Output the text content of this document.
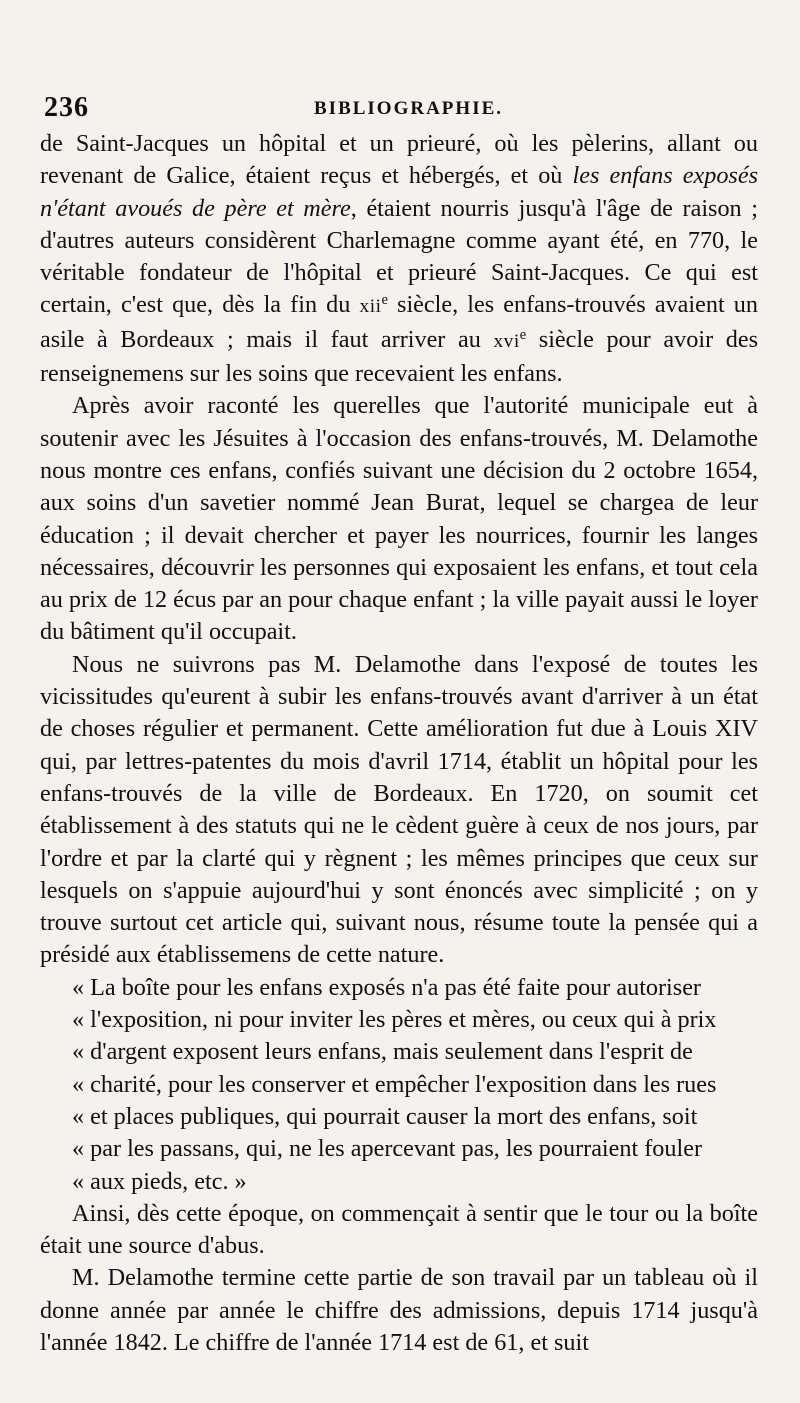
236	BIBLIOGRAPHIE.

de Saint-Jacques un hôpital et un prieuré, où les pèlerins, allant ou revenant de Galice, étaient reçus et hébergés, et où les enfans exposés n'étant avoués de père et mère, étaient nourris jusqu'à l'âge de raison ; d'autres auteurs considèrent Charlemagne comme ayant été, en 770, le véritable fondateur de l'hôpital et prieuré Saint-Jacques. Ce qui est certain, c'est que, dès la fin du xii$^e$ siècle, les enfans-trouvés avaient un asile à Bordeaux ; mais il faut arriver au xvi$^e$ siècle pour avoir des renseignemens sur les soins que recevaient les enfans.

Après avoir raconté les querelles que l'autorité municipale eut à soutenir avec les Jésuites à l'occasion des enfans-trouvés, M. Delamothe nous montre ces enfans, confiés suivant une décision du 2 octobre 1654, aux soins d'un savetier nommé Jean Burat, lequel se chargea de leur éducation ; il devait chercher et payer les nourrices, fournir les langes nécessaires, découvrir les personnes qui exposaient les enfans, et tout cela au prix de 12 écus par an pour chaque enfant ; la ville payait aussi le loyer du bâtiment qu'il occupait.

Nous ne suivrons pas M. Delamothe dans l'exposé de toutes les vicissitudes qu'eurent à subir les enfans-trouvés avant d'arriver à un état de choses régulier et permanent. Cette amélioration fut due à Louis XIV qui, par lettres-patentes du mois d'avril 1714, établit un hôpital pour les enfans-trouvés de la ville de Bordeaux. En 1720, on soumit cet établissement à des statuts qui ne le cèdent guère à ceux de nos jours, par l'ordre et par la clarté qui y règnent ; les mêmes principes que ceux sur lesquels on s'appuie aujourd'hui y sont énoncés avec simplicité ; on y trouve surtout cet article qui, suivant nous, résume toute la pensée qui a présidé aux établissemens de cette nature.

« La boîte pour les enfans exposés n'a pas été faite pour autoriser
« l'exposition, ni pour inviter les pères et mères, ou ceux qui à prix
« d'argent exposent leurs enfans, mais seulement dans l'esprit de
« charité, pour les conserver et empêcher l'exposition dans les rues
« et places publiques, qui pourrait causer la mort des enfans, soit
« par les passans, qui, ne les apercevant pas, les pourraient fouler
« aux pieds, etc. »

Ainsi, dès cette époque, on commençait à sentir que le tour ou la boîte était une source d'abus.

M. Delamothe termine cette partie de son travail par un tableau où il donne année par année le chiffre des admissions, depuis 1714 jusqu'à l'année 1842. Le chiffre de l'année 1714 est de 61, et suit
